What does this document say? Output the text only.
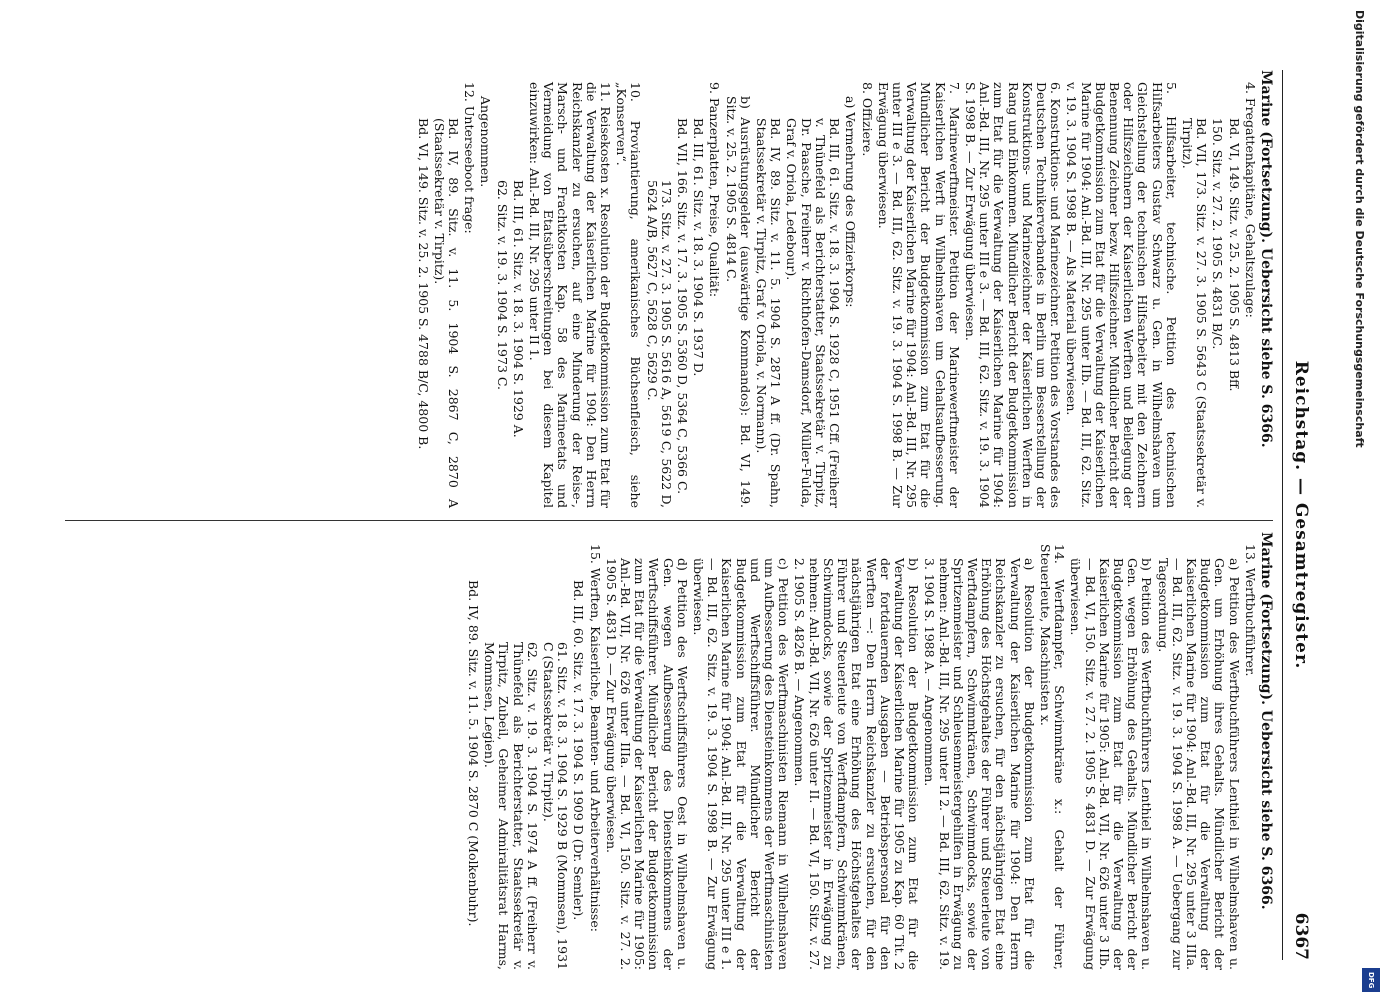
Reichstag. — Gesamtregister.
6367

Marine (Fortsetzung). Uebersicht siehe S. 6366.

4. Fregattenkapitäne, Gehaltszulage:

Bd. VI, 149. Sitz. v. 25. 2. 1905 S. 4813 Bff.

150. Sitz. v. 27. 2. 1905 S. 4831 B/C.

Bd. VII, 173. Sitz. v. 27. 3. 1905 S. 5643 C (Staatssekretär v. Tirpitz).

5. Hilfsarbeiter, technische. Petition des technischen Hilfsarbeiters Gustav Schwarz u. Gen. in Wilhelmshaven um Gleichstellung der technischen Hilfsarbeiter mit den Zeichnern oder Hilfszeichnern der Kaiserlichen Werften und Beilegung der Benennung Zeichner bezw. Hilfszeichner. Mündlicher Bericht der Budgetkommission zum Etat für die Verwaltung der Kaiserlichen Marine für 1904: Anl.-Bd. III, Nr. 295 unter IIb. — Bd. III, 62. Sitz. v. 19. 3. 1904 S. 1998 B. — Als Material überwiesen.

6. Konstruktions- und Marinezeichner. Petition des Vorstandes des Deutschen Technikerverbandes in Berlin um Besserstellung der Konstruktions- und Marinezeichner der Kaiserlichen Werften in Rang und Einkommen. Mündlicher Bericht der Budgetkommission zum Etat für die Verwaltung der Kaiserlichen Marine für 1904: Anl.-Bd. III, Nr. 295 unter III e 3. — Bd. III, 62. Sitz. v. 19. 3. 1904 S. 1998 B. — Zur Erwägung überwiesen.

7. Marinewerftmeister. Petition der Marinewerftmeister der Kaiserlichen Werft in Wilhelmshaven um Gehaltsaufbesserung. Mündlicher Bericht der Budgetkommission zum Etat für die Verwaltung der Kaiserlichen Marine für 1904: Anl.-Bd. III, Nr. 295 unter III e 3. — Bd. III, 62. Sitz. v. 19. 3. 1904 S. 1998 B. — Zur Erwägung überwiesen.

8. Offiziere.

a) Vermehrung des Offizierkorps:

Bd. III, 61. Sitz. v. 18. 3. 1904 S. 1928 C, 1951 Cff. (Freiherr v. Thünefeld als Berichterstatter, Staatssekretär v. Tirpitz, Dr. Paasche, Freiherr v. Richthofen-Damsdorf, Müller-Fulda, Graf v. Oriola, Ledebour).

Bd. IV, 89. Sitz. v. 11. 5. 1904 S. 2871 A ff. (Dr. Spahn, Staatssekretär v. Tirpitz, Graf v. Oriola, v. Normann).

b) Ausrüstungsgelder (auswärtige Kommandos): Bd. VI, 149. Sitz. v. 25. 2. 1905 S. 4814 C.

9. Panzerplatten, Preise, Qualität:

Bd. III, 61. Sitz. v. 18. 3. 1904 S. 1937 D.

Bd. VII, 166. Sitz. v. 17. 3. 1905 S. 5360 D, 5364 C, 5366 C.

173. Sitz. v. 27. 3. 1905 S. 5616 A, 5619 C, 5622 D, 5624 A/B, 5627 C, 5628 C, 5629 C.

10. Proviantierung, amerikanisches Büchsenfleisch, siehe „Konserven“.

11. Reisekosten x. Resolution der Budgetkommission zum Etat für die Verwaltung der Kaiserlichen Marine für 1904: Den Herrn Reichskanzler zu ersuchen, auf eine Minderung der Reise-, Marsch- und Frachtkosten Kap. 58 des Marineetats und Vermeidung von Etatsüberschreitungen bei diesem Kapitel einzuwirken: Anl.-Bd. III, Nr. 295 unter II 1.

Bd. III, 61. Sitz. v. 18. 3. 1904 S. 1929 A.

62. Sitz. v. 19. 3. 1904 S. 1973 C.

Angenommen.

12. Unterseeboot frage:

Bd. IV, 89. Sitz. v. 11. 5. 1904 S. 2867 C, 2870 A (Staatssekretär v. Tirpitz).

Bd. VI, 149. Sitz. v. 25. 2. 1905 S. 4788 B/C, 4800 B.

Marine (Fortsetzung). Uebersicht siehe S. 6366.

13. Werftbuchführer.

a) Petition des Werftbuchführers Lenthiel in Wilhelmshaven u. Gen. um Erhöhung ihres Gehalts. Mündlicher Bericht der Budgetkommission zum Etat für die Verwaltung der Kaiserlichen Marine für 1904: Anl.-Bd. III, Nr. 295 unter 3 IIIa. — Bd. III, 62. Sitz. v. 19. 3. 1904 S. 1998 A. — Uebergang zur Tagesordnung.

b) Petition des Werftbuchführers Lenthiel in Wilhelmshaven u. Gen. wegen Erhöhung des Gehalts. Mündlicher Bericht der Budgetkommission zum Etat für die Verwaltung der Kaiserlichen Marine für 1905: Anl.-Bd. VII, Nr. 626 unter 3 IIb. — Bd. VI, 150. Sitz. v. 27. 2. 1905 S. 4831 D. — Zur Erwägung überwiesen.

14. Werftdampfer, Schwimmkräne x.: Gehalt der Führer, Steuerleute, Maschinisten x.

a) Resolution der Budgetkommission zum Etat für die Verwaltung der Kaiserlichen Marine für 1904: Den Herrn Reichskanzler zu ersuchen, für den nächstjährigen Etat eine Erhöhung des Höchstgehaltes der Führer und Steuerleute von Werftdampfern, Schwimmkränen, Schwimmdocks, sowie der Spritzenmeister und Schleusenmeistergehilfen in Erwägung zu nehmen: Anl.-Bd. III, Nr. 295 unter II 2. — Bd. III, 62. Sitz. v. 19. 3. 1904 S. 1988 A. — Angenommen.

b) Resolution der Budgetkommission zum Etat für die Verwaltung der Kaiserlichen Marine für 1905 zu Kap. 60 Tit. 2 der fortdauernden Ausgaben — Betriebspersonal für den Werften —: Den Herrn Reichskanzler zu ersuchen, für den nächstjährigen Etat eine Erhöhung des Höchstgehaltes der Führer und Steuerleute von Werftdampfern, Schwimmkränen, Schwimmdocks, sowie der Spritzenmeister in Erwägung zu nehmen: Anl.-Bd. VII, Nr. 626 unter II. — Bd. VI, 150. Sitz. v. 27. 2. 1905 S. 4826 B. — Angenommen.

c) Petition des Werftmaschinisten Riemann in Wilhelmshaven um Aufbesserung des Diensteinkommens der Werftmaschinisten und Werftschiffsführer. Mündlicher Bericht der Budgetkommission zum Etat für die Verwaltung der Kaiserlichen Marine für 1904: Anl.-Bd. III, Nr. 295 unter III e 1. — Bd. III, 62. Sitz. v. 19. 3. 1904 S. 1998 B. — Zur Erwägung überwiesen.

d) Petition des Werftschiffsführers Oest in Wilhelmshaven u. Gen. wegen Aufbesserung des Diensteinkommens der Werftschiffsführer. Mündlicher Bericht der Budgetkommission zum Etat für die Verwaltung der Kaiserlichen Marine für 1905: Anl.-Bd. VII, Nr. 626 unter IIIa. — Bd. VI, 150. Sitz. v. 27. 2. 1905 S. 4831 D. — Zur Erwägung überwiesen.

15. Werften, Kaiserliche, Beamten- und Arbeiterverhältnisse:

Bd. III, 60. Sitz. v. 17. 3. 1904 S. 1909 D (Dr. Semler).

61. Sitz. v. 18. 3. 1904 S. 1929 B (Mommsen), 1931 C (Staatssekretär v. Tirpitz).

62. Sitz. v. 19. 3. 1904 S. 1974 A ff. (Freiherr v. Thünefeld als Berichterstatter, Staatssekretär v. Tirpitz, Zubeil, Geheimer Admiralitätsrat Harms, Mommsen, Legien).

Bd. IV, 89. Sitz. v. 11. 5. 1904 S. 2870 C (Molkenbuhr).

Digitalisierung gefördert durch die Deutsche Forschungsgemeinschaft
DFG
